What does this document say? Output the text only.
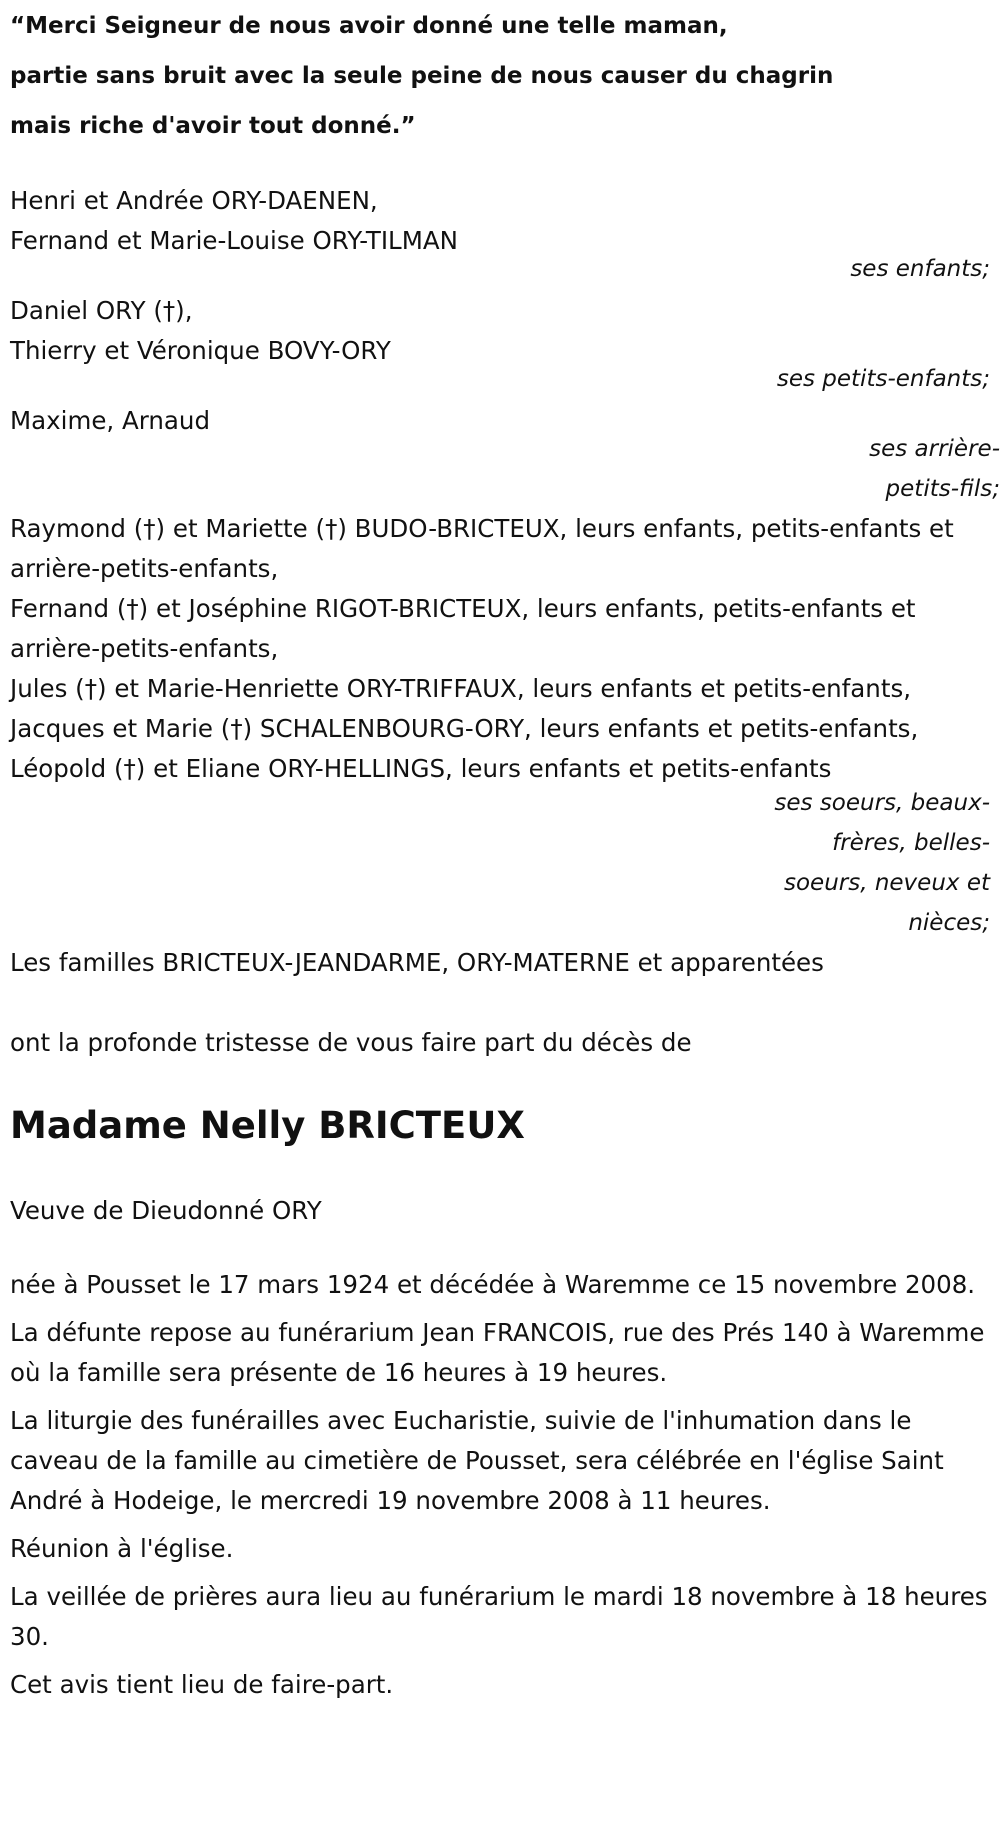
“Merci Seigneur de nous avoir donné une telle maman,
partie sans bruit avec la seule peine de nous causer du chagrin
mais riche d'avoir tout donné.”

Henri et Andrée ORY-DAENEN,
Fernand et Marie-Louise ORY-TILMAN

ses enfants;

Daniel ORY (†),
Thierry et Véronique BOVY-ORY

ses petits-enfants;

Maxime, Arnaud
ses arrière-
petits-fils;
Raymond (†) et Mariette (†) BUDO-BRICTEUX, leurs enfants, petits-enfants et arrière-petits-enfants,
Fernand (†) et Joséphine RIGOT-BRICTEUX, leurs enfants, petits-enfants et arrière-petits-enfants,
Jules (†) et Marie-Henriette ORY-TRIFFAUX, leurs enfants et petits-enfants,
Jacques et Marie (†) SCHALENBOURG-ORY, leurs enfants et petits-enfants,
Léopold (†) et Eliane ORY-HELLINGS, leurs enfants et petits-enfants
ses soeurs, beaux-
frères, belles-
soeurs, neveux et
nièces;

Les familles BRICTEUX-JEANDARME, ORY-MATERNE et apparentées

ont la profonde tristesse de vous faire part du décès de

Madame Nelly BRICTEUX

Veuve de Dieudonné ORY

née à Pousset le 17 mars 1924 et décédée à Waremme ce 15 novembre 2008.

La défunte repose au funérarium Jean FRANCOIS, rue des Prés 140 à Waremme où la famille sera présente de 16 heures à 19 heures.

La liturgie des funérailles avec Eucharistie, suivie de l'inhumation dans le caveau de la famille au cimetière de Pousset, sera célébrée en l'église Saint André à Hodeige, le mercredi 19 novembre 2008 à 11 heures.

Réunion à l'église.

La veillée de prières aura lieu au funérarium le mardi 18 novembre à 18 heures 30.

Cet avis tient lieu de faire-part.
